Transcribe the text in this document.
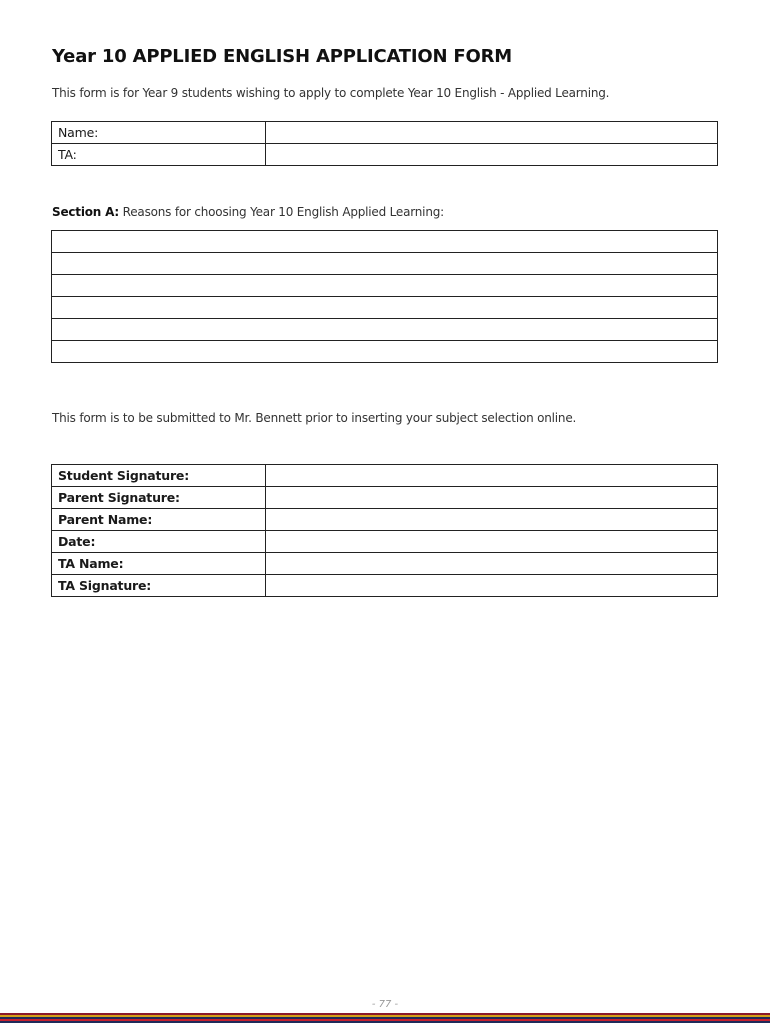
Year 10 APPLIED ENGLISH APPLICATION FORM
This form is for Year 9 students wishing to apply to complete Year 10 English - Applied Learning.
Name:	
TA:	
Section A: Reasons for choosing Year 10 English Applied Learning:

This form is to be submitted to Mr. Bennett prior to inserting your subject selection online.
Student Signature:	
Parent Signature:	
Parent Name:	
Date:	
TA Name:	
TA Signature:	
- 77 -
